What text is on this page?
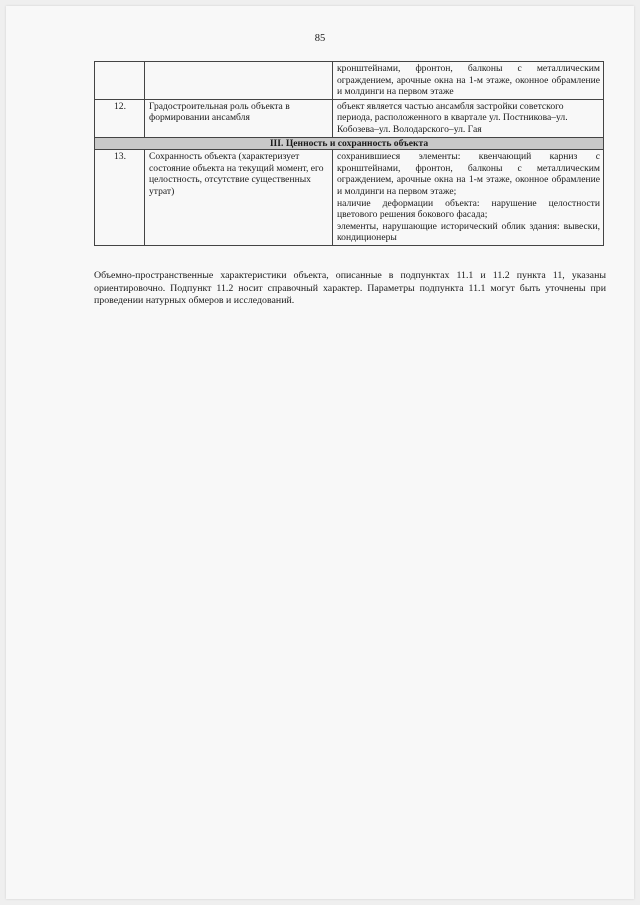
85

		кронштейнами, фронтон, балконы с металлическим ограждением, арочные окна на 1-м этаже, оконное обрамление и молдинги на первом этаже

12.	Градостроительная роль объекта в формировании ансамбля	объект является частью ансамбля застройки советского периода, расположенного в квартале ул. Постникова–ул. Кобозева–ул. Володарского–ул. Гая
III. Ценность и сохранность объекта		
13.	Сохранность объекта (характеризует состояние объекта на текущий момент, его целостность, отсутствие существенных утрат)	сохранившиеся элементы: квенчающий карниз с кронштейнами, фронтон, балконы с металлическим ограждением, арочные окна на 1-м этаже, оконное обрамление и молдинги на первом этаже;
наличие деформации объекта: нарушение целостности цветового решения бокового фасада;
элементы, нарушающие исторический облик здания: вывески, кондиционеры
Объемно-пространственные характеристики объекта, описанные в подпунктах 11.1 и 11.2 пункта 11, указаны ориентировочно. Подпункт 11.2 носит справочный характер. Параметры подпункта 11.1 могут быть уточнены при проведении натурных обмеров и исследований.
